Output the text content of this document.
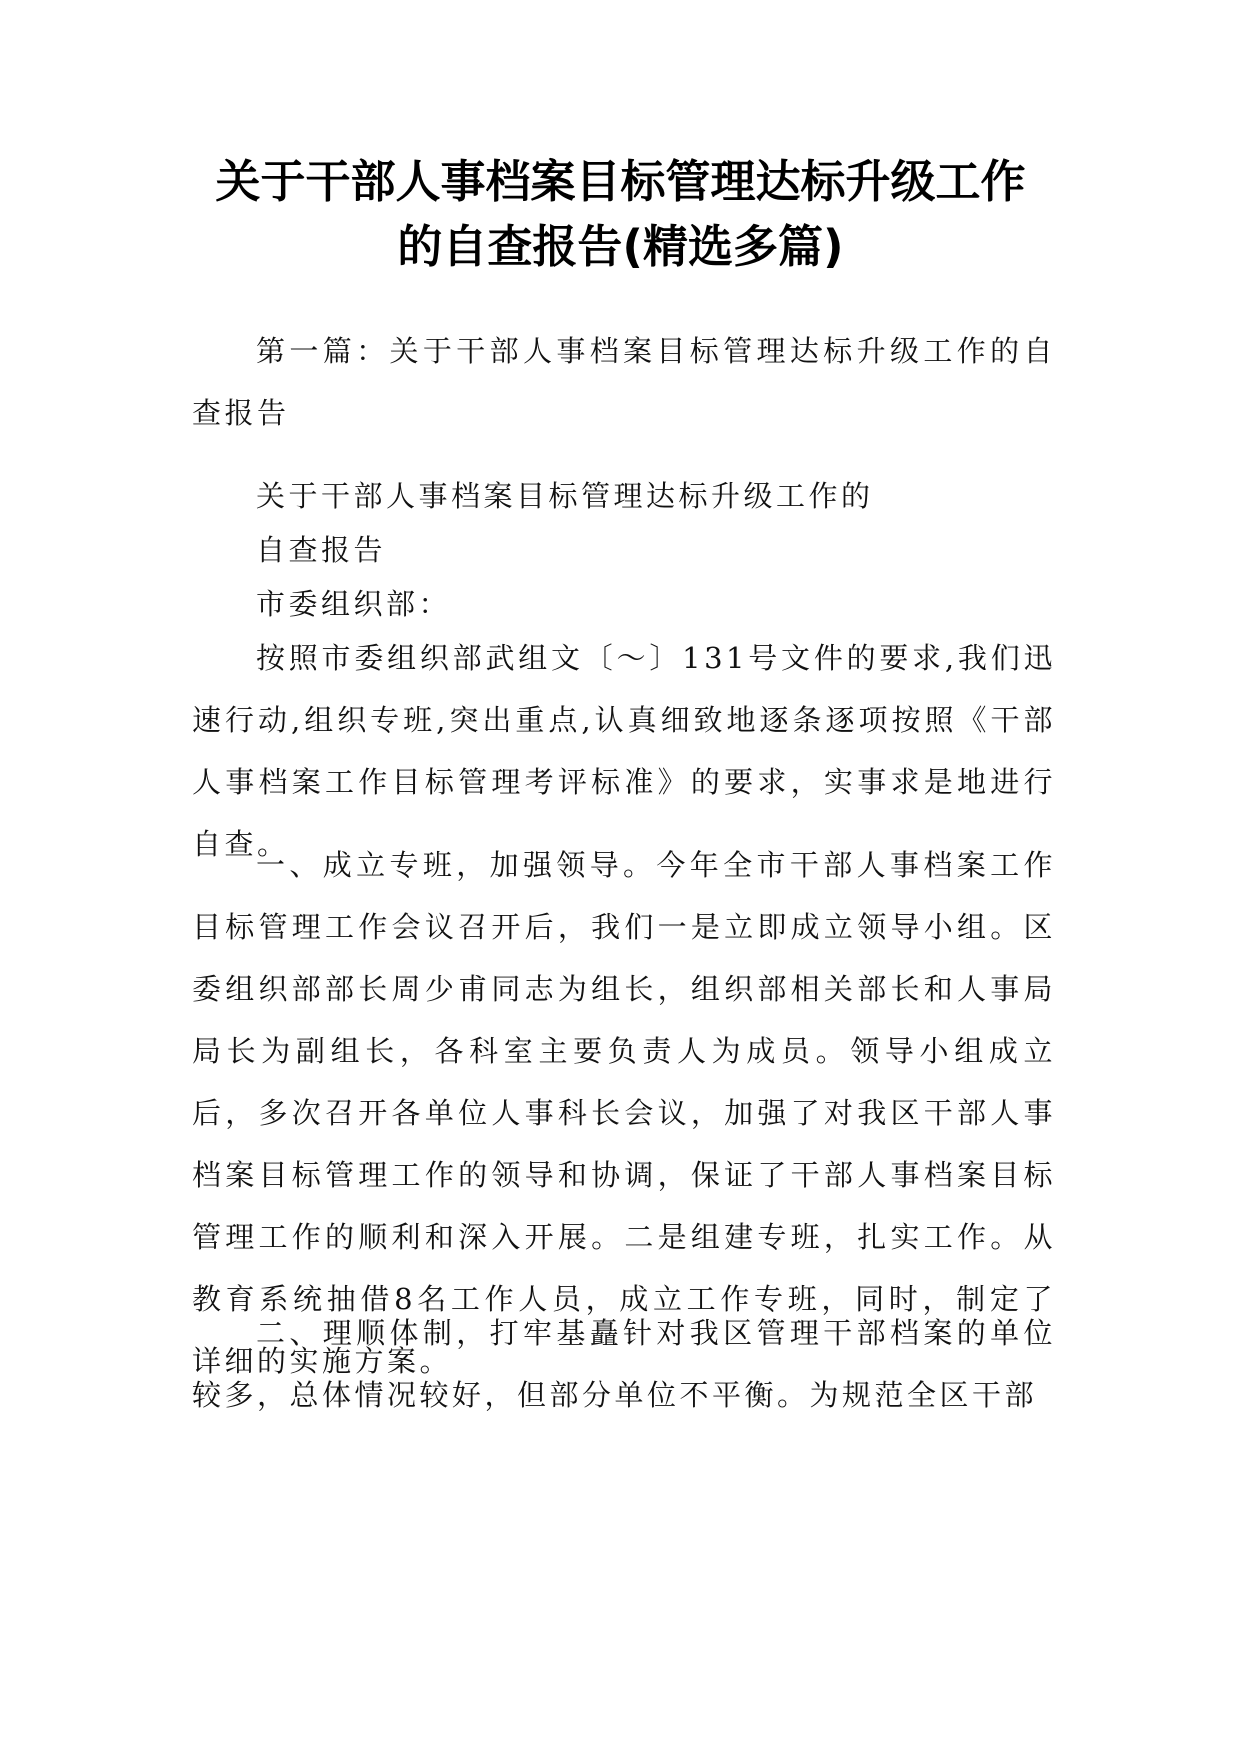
关于干部人事档案目标管理达标升级工作
的自查报告(精选多篇)

第一篇：关于干部人事档案目标管理达标升级工作的自查报告

关于干部人事档案目标管理达标升级工作的

自查报告

市委组织部：

按照市委组织部武组文〔～〕131号文件的要求,我们迅速行动,组织专班,突出重点,认真细致地逐条逐项按照《干部人事档案工作目标管理考评标准》的要求，实事求是地进行自查。

一、成立专班，加强领导。今年全市干部人事档案工作目标管理工作会议召开后，我们一是立即成立领导小组。区委组织部部长周少甫同志为组长，组织部相关部长和人事局局长为副组长，各科室主要负责人为成员。领导小组成立后，多次召开各单位人事科长会议，加强了对我区干部人事档案目标管理工作的领导和协调，保证了干部人事档案目标管理工作的顺利和深入开展。二是组建专班，扎实工作。从教育系统抽借8名工作人员，成立工作专班，同时，制定了详细的实施方案。

二、理顺体制，打牢基矗针对我区管理干部档案的单位较多，总体情况较好，但部分单位不平衡。为规范全区干部
